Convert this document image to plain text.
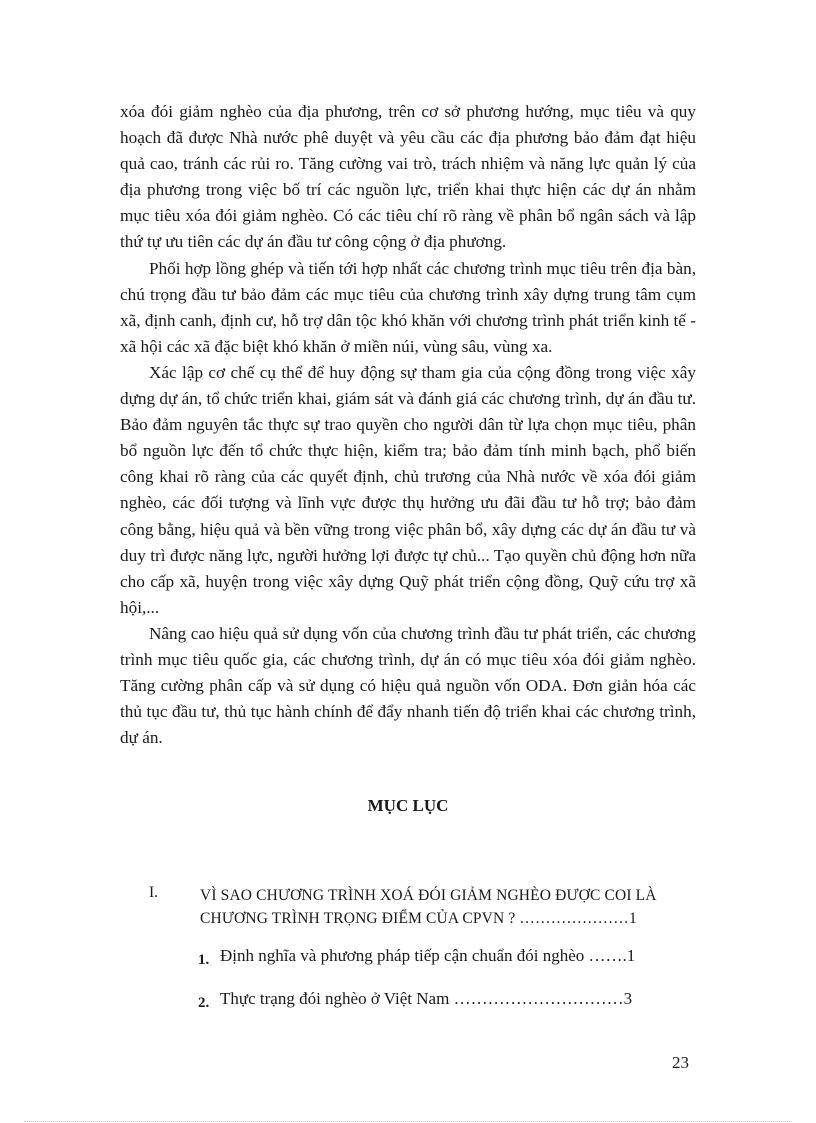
xóa đói giảm nghèo của địa phương, trên cơ sở phương hướng, mục tiêu và quy hoạch đã được Nhà nước phê duyệt và yêu cầu các địa phương bảo đảm đạt hiệu quả cao, tránh các rủi ro. Tăng cường vai trò, trách nhiệm và năng lực quản lý của địa phương trong việc bố trí các nguồn lực, triển khai thực hiện các dự án nhằm mục tiêu xóa đói giảm nghèo. Có các tiêu chí rõ ràng về phân bổ ngân sách và lập thứ tự ưu tiên các dự án đầu tư công cộng ở địa phương.

Phối hợp lồng ghép và tiến tới hợp nhất các chương trình mục tiêu trên địa bàn, chú trọng đầu tư bảo đảm các mục tiêu của chương trình xây dựng trung tâm cụm xã, định canh, định cư, hỗ trợ dân tộc khó khăn với chương trình phát triển kinh tế - xã hội các xã đặc biệt khó khăn ở miền núi, vùng sâu, vùng xa.

Xác lập cơ chế cụ thể để huy động sự tham gia của cộng đồng trong việc xây dựng dự án, tổ chức triển khai, giám sát và đánh giá các chương trình, dự án đầu tư. Bảo đảm nguyên tắc thực sự trao quyền cho người dân từ lựa chọn mục tiêu, phân bổ nguồn lực đến tổ chức thực hiện, kiểm tra; bảo đảm tính minh bạch, phổ biến công khai rõ ràng của các quyết định, chủ trương của Nhà nước về xóa đói giảm nghèo, các đối tượng và lĩnh vực được thụ hưởng ưu đãi đầu tư hỗ trợ; bảo đảm công bằng, hiệu quả và bền vững trong việc phân bổ, xây dựng các dự án đầu tư và duy trì được năng lực, người hưởng lợi được tự chủ... Tạo quyền chủ động hơn nữa cho cấp xã, huyện trong việc xây dựng Quỹ phát triển cộng đồng, Quỹ cứu trợ xã hội,...

Nâng cao hiệu quả sử dụng vốn của chương trình đầu tư phát triển, các chương trình mục tiêu quốc gia, các chương trình, dự án có mục tiêu xóa đói giảm nghèo. Tăng cường phân cấp và sử dụng có hiệu quả nguồn vốn ODA. Đơn giản hóa các thủ tục đầu tư, thủ tục hành chính để đẩy nhanh tiến độ triển khai các chương trình, dự án.

MỤC LỤC
I.	VÌ SAO CHƯƠNG TRÌNH XOÁ ĐÓI GIẢM NGHÈO ĐƯỢC COI LÀ CHƯƠNG TRÌNH TRỌNG ĐIỂM CỦA CPVN ? …………………1
1. Định nghĩa và phương pháp tiếp cận chuẩn đói nghèo …….1
2. Thực trạng đói nghèo ở Việt Nam …………………………3
23
